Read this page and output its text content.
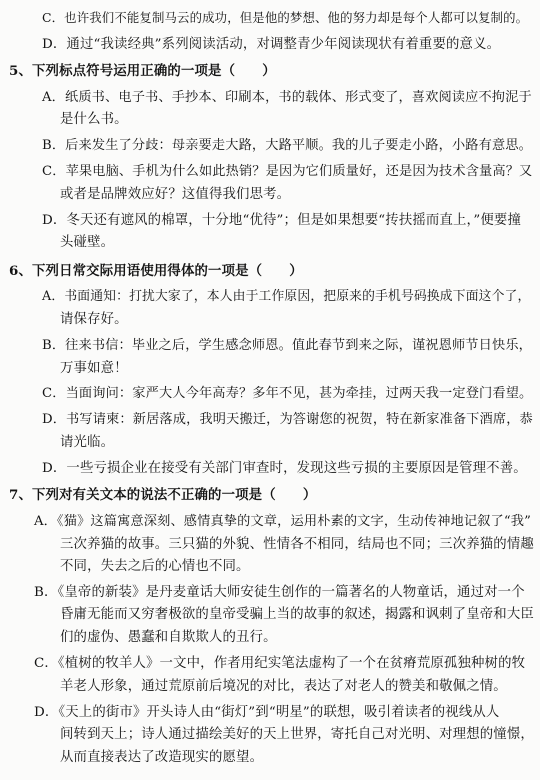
C．也许我们不能复制马云的成功，但是他的梦想、他的努力却是每个人都可以复制的。
D．通过“我读经典”系列阅读活动，对调整青少年阅读现状有着重要的意义。
5、下列标点符号运用正确的一项是（　　）
A．纸质书、电子书、手抄本、印刷本，书的载体、形式变了，喜欢阅读应不拘泥于
是什么书。
B．后来发生了分歧：母亲要走大路，大路平顺。我的儿子要走小路，小路有意思。
C．苹果电脑、手机为什么如此热销？是因为它们质量好，还是因为技术含量高？又
或者是品牌效应好？这值得我们思考。
D．冬天还有遮风的棉罩，十分地“优待”；但是如果想要“抟扶摇而直上，”便要撞
头碰壁。
6、下列日常交际用语使用得体的一项是（　　）
A．书面通知：打扰大家了，本人由于工作原因，把原来的手机号码换成下面这个了，
请保存好。
B．往来书信：毕业之后，学生感念师恩。值此春节到来之际，谨祝恩师节日快乐，
万事如意！
C．当面询问：家严大人今年高寿？多年不见，甚为牵挂，过两天我一定登门看望。
D．书写请柬：新居落成，我明天搬迁，为答谢您的祝贺，特在新家准备下酒席，恭
请光临。
D．一些亏损企业在接受有关部门审查时，发现这些亏损的主要原因是管理不善。
7、下列对有关文本的说法不正确的一项是（　　）
A．《猫》这篇寓意深刻、感情真挚的文章，运用朴素的文字，生动传神地记叙了“我”
三次养猫的故事。三只猫的外貌、性情各不相同，结局也不同；三次养猫的情趣
不同，失去之后的心情也不同。
B．《皇帝的新装》是丹麦童话大师安徒生创作的一篇著名的人物童话，通过对一个
昏庸无能而又穷奢极欲的皇帝受骗上当的故事的叙述，揭露和讽刺了皇帝和大臣
们的虚伪、愚蠢和自欺欺人的丑行。
C．《植树的牧羊人》一文中，作者用纪实笔法虚构了一个在贫瘠荒原孤独种树的牧
羊老人形象，通过荒原前后境况的对比，表达了对老人的赞美和敬佩之情。
D．《天上的街市》开头诗人由“街灯”到“明星”的联想，吸引着读者的视线从人
间转到天上；诗人通过描绘美好的天上世界，寄托自己对光明、对理想的憧憬，
从而直接表达了改造现实的愿望。
